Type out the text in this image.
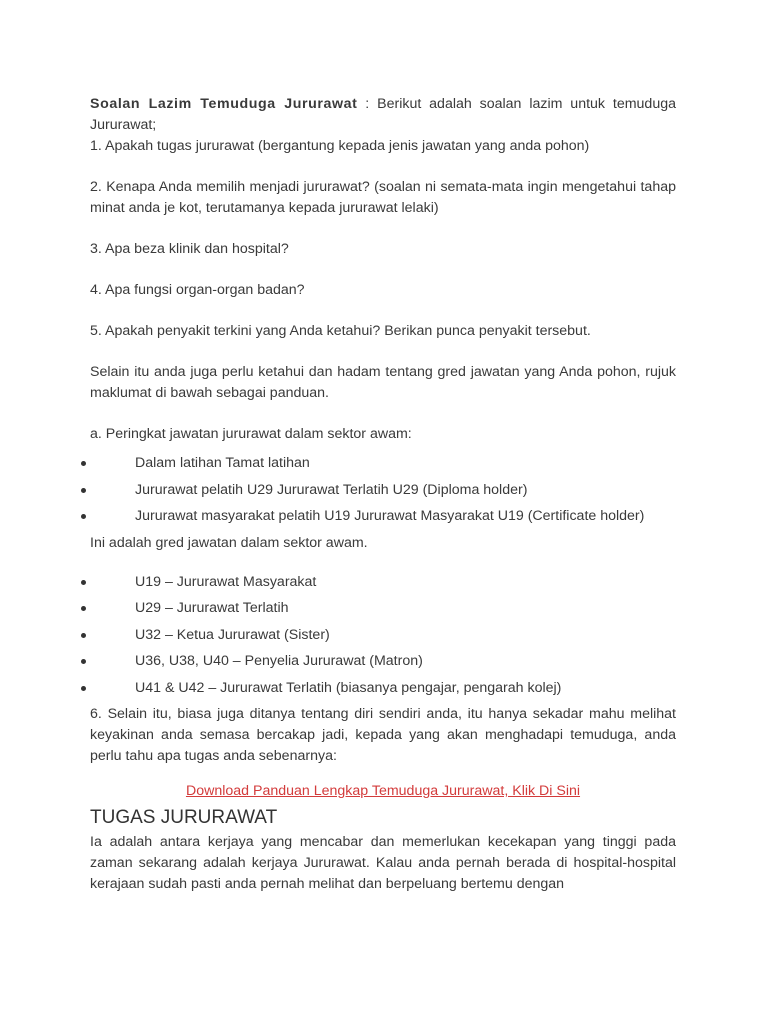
Soalan Lazim Temuduga Jururawat : Berikut adalah soalan lazim untuk temuduga Jururawat;

1. Apakah tugas jururawat (bergantung kepada jenis jawatan yang anda pohon)

2. Kenapa Anda memilih menjadi jururawat? (soalan ni semata-mata ingin mengetahui tahap minat anda je kot, terutamanya kepada jururawat lelaki)

3. Apa beza klinik dan hospital?

4. Apa fungsi organ-organ badan?

5. Apakah penyakit terkini yang Anda ketahui? Berikan punca penyakit tersebut.

Selain itu anda juga perlu ketahui dan hadam tentang gred jawatan yang Anda pohon, rujuk maklumat di bawah sebagai panduan.

a. Peringkat jawatan jururawat dalam sektor awam:

Dalam latihan Tamat latihan
Jururawat pelatih U29 Jururawat Terlatih U29 (Diploma holder)
Jururawat masyarakat pelatih U19 Jururawat Masyarakat U19 (Certificate holder)

Ini adalah gred jawatan dalam sektor awam.

U19 – Jururawat Masyarakat
U29 – Jururawat Terlatih
U32 – Ketua Jururawat (Sister)
U36, U38, U40 – Penyelia Jururawat (Matron)
U41 & U42 – Jururawat Terlatih (biasanya pengajar, pengarah kolej)

6. Selain itu, biasa juga ditanya tentang diri sendiri anda, itu hanya sekadar mahu melihat keyakinan anda semasa bercakap jadi, kepada yang akan menghadapi temuduga, anda perlu tahu apa tugas anda sebenarnya:

Download Panduan Lengkap Temuduga Jururawat, Klik Di Sini
TUGAS JURURAWAT

Ia adalah antara kerjaya yang mencabar dan memerlukan kecekapan yang tinggi pada zaman sekarang adalah kerjaya Jururawat. Kalau anda pernah berada di hospital-hospital kerajaan sudah pasti anda pernah melihat dan berpeluang bertemu dengan
